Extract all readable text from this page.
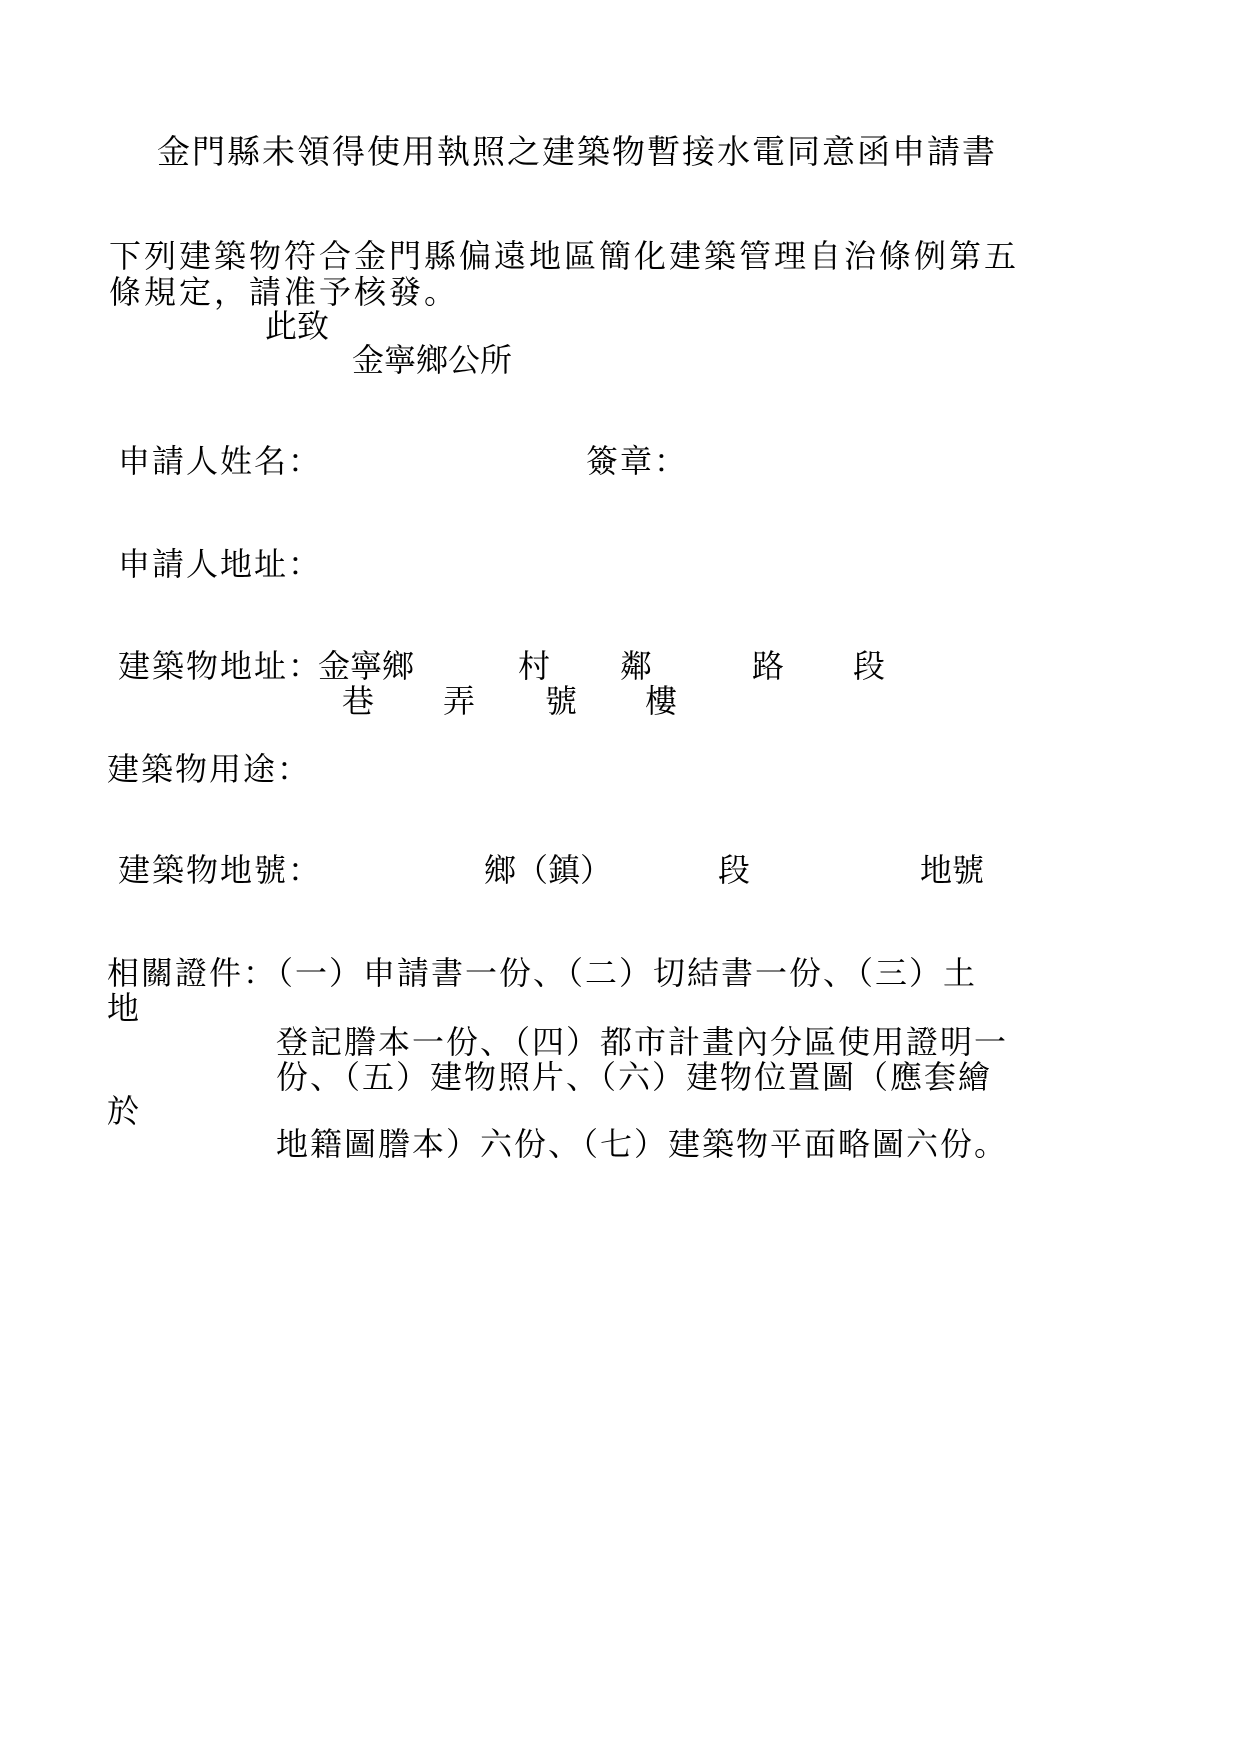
金門縣未領得使用執照之建築物暫接水電同意函申請書
下列建築物符合金門縣偏遠地區簡化建築管理自治條例第五
條規定，請准予核發。
此致
金寧鄉公所
申請人姓名：	簽章：
申請人地址：
建築物地址：
金寧鄉	村 鄰	路 段
巷 弄 號 樓
建築物用途：
建築物地號：	鄉（鎮）	段	地號
相關證件：（一）申請書一份、（二）切結書一份、（三）土
地
登記謄本一份、（四）都市計畫內分區使用證明一
份、（五）建物照片、（六）建物位置圖（應套繪
於
地籍圖謄本）六份、（七）建築物平面略圖六份。
